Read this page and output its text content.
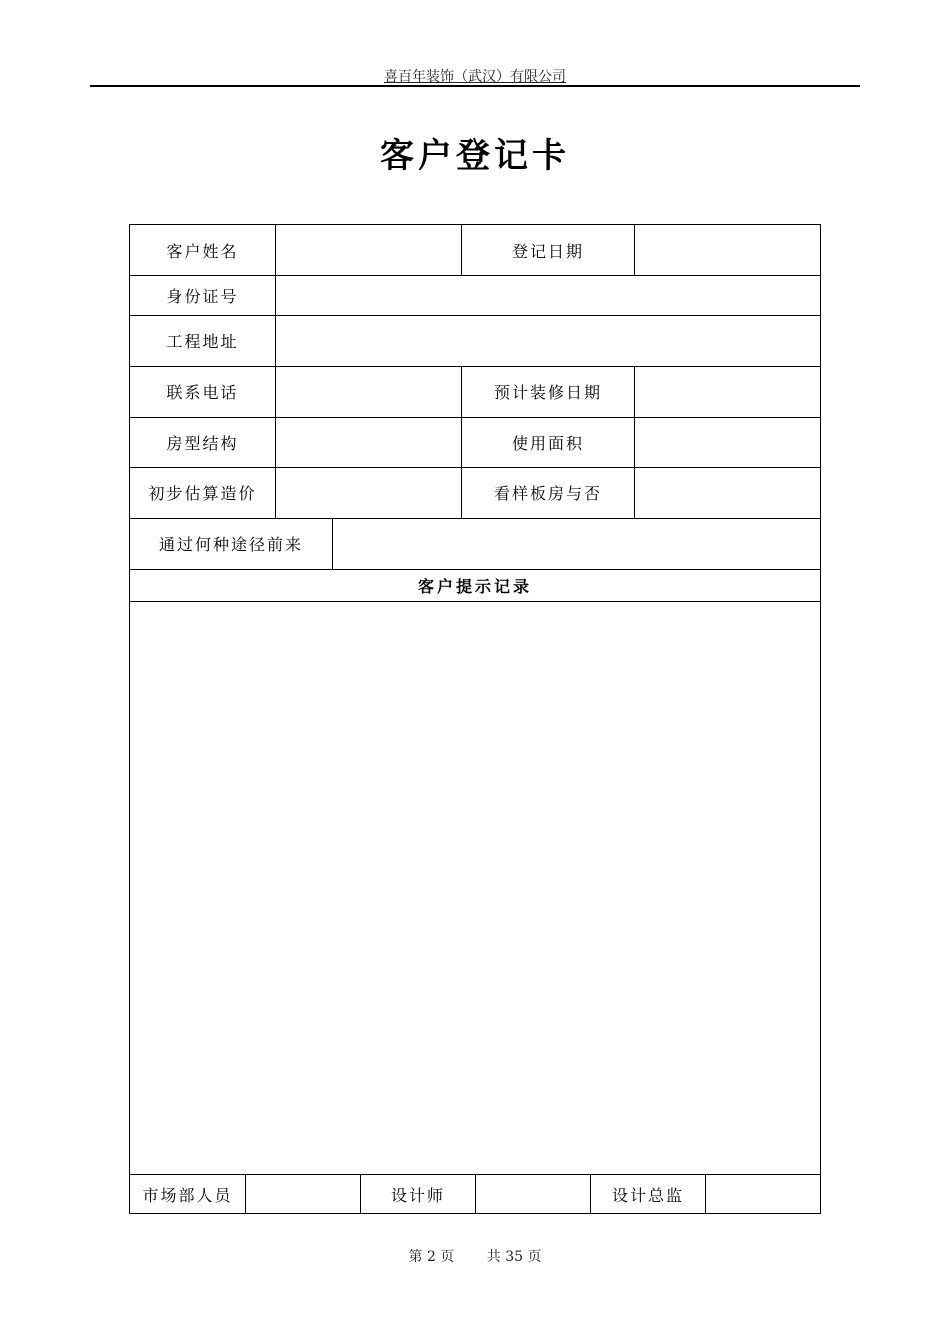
喜百年装饰（武汉）有限公司
客户登记卡
客户姓名	登记日期
身份证号
工程地址
联系电话	预计装修日期
房型结构	使用面积
初步估算造价	看样板房与否
通过何种途径前来
客户提示记录
市场部人员	设计师	设计总监
第 2 页 共 35 页
